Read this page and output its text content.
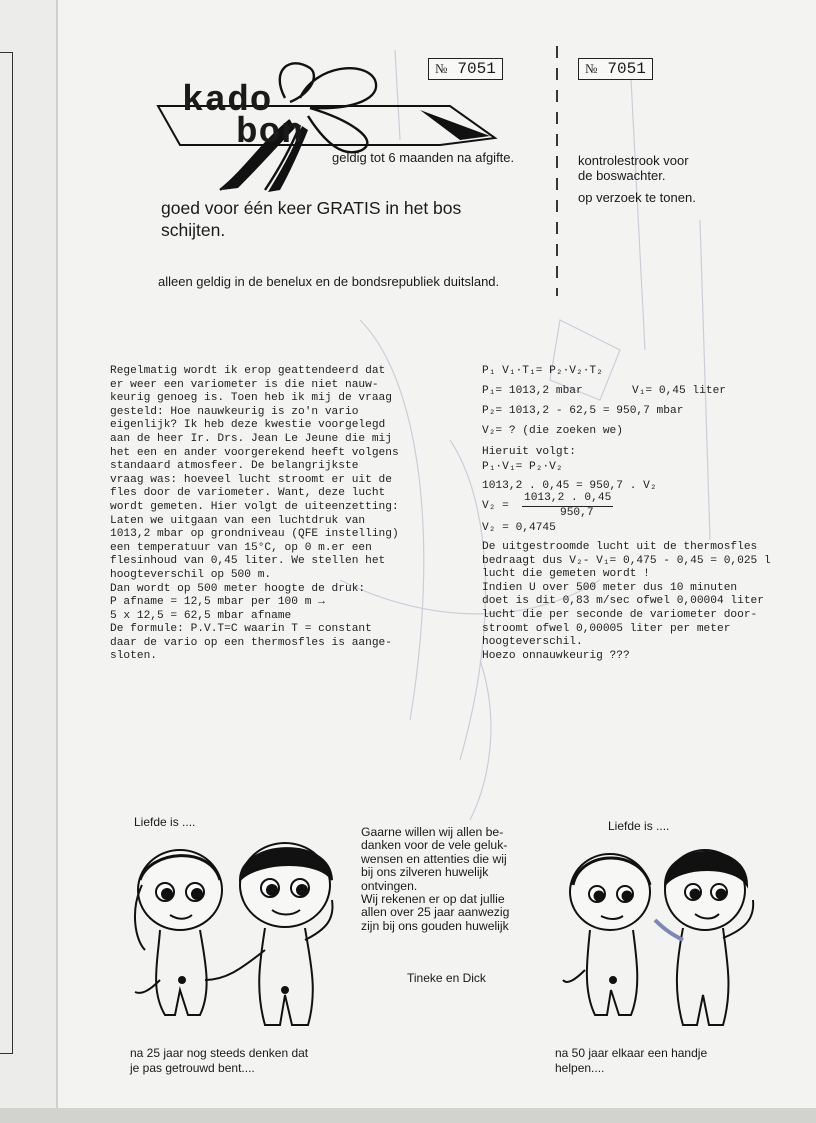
kado
bon
№ 7051	№ 7051
geldig tot 6 maanden na afgifte.
goed voor één keer GRATIS in het bos
schijten.
alleen geldig in de benelux en de bondsrepubliek duitsland.
kontrolestrook voor
de boswachter.
op verzoek te tonen.
Regelmatig wordt ik erop geattendeerd dat
er weer een variometer is die niet nauw-
keurig genoeg is. Toen heb ik mij de vraag
gesteld: Hoe nauwkeurig is zo'n vario
eigenlijk? Ik heb deze kwestie voorgelegd
aan de heer Ir. Drs. Jean Le Jeune die mij
het een en ander voorgerekend heeft volgens
standaard atmosfeer. De belangrijkste
vraag was: hoeveel lucht stroomt er uit de
fles door de variometer. Want, deze lucht
wordt gemeten. Hier volgt de uiteenzetting:
Laten we uitgaan van een luchtdruk van
1013,2 mbar op grondniveau (QFE instelling)
een temperatuur van 15°C, op 0 m.er een
flesinhoud van 0,45 liter. We stellen het
hoogteverschil op 500 m.
Dan wordt op 500 meter hoogte de druk:
P afname = 12,5 mbar per 100 m →
5 x 12,5 = 62,5 mbar afname
De formule: P.V.T=C waarin T = constant
daar de vario op een thermosfles is aange-
sloten.
P₁ V₁·T₁= P₂·V₂·T₂
P₁= 1013,2 mbar	V₁= 0,45 liter
P₂= 1013,2 - 62,5 = 950,7 mbar
V₂= ? (die zoeken we)
Hieruit volgt:
P₁·V₁= P₂·V₂
1013,2 . 0,45 = 950,7 . V₂
V₂ =
1013,2 . 0,45
950,7
V₂ = 0,4745
De uitgestroomde lucht uit de thermosfles
bedraagt dus V₂- V₁= 0,475 - 0,45 = 0,025 l
lucht die gemeten wordt !
Indien U over 500 meter dus 10 minuten
doet is dit 0,83 m/sec ofwel 0,00004 liter
lucht die per seconde de variometer door-
stroomt ofwel 0,00005 liter per meter
hoogteverschil.
Hoezo onnauwkeurig ???
Liefde is ....	Liefde is ....
na 25 jaar nog steeds denken dat
je pas getrouwd bent....
na 50 jaar elkaar een handje
helpen....
Gaarne willen wij allen be-
danken voor de vele geluk-
wensen en attenties die wij
bij ons zilveren huwelijk
ontvingen.
Wij rekenen er op dat jullie
allen over 25 jaar aanwezig
zijn bij ons gouden huwelijk
Tineke en Dick
